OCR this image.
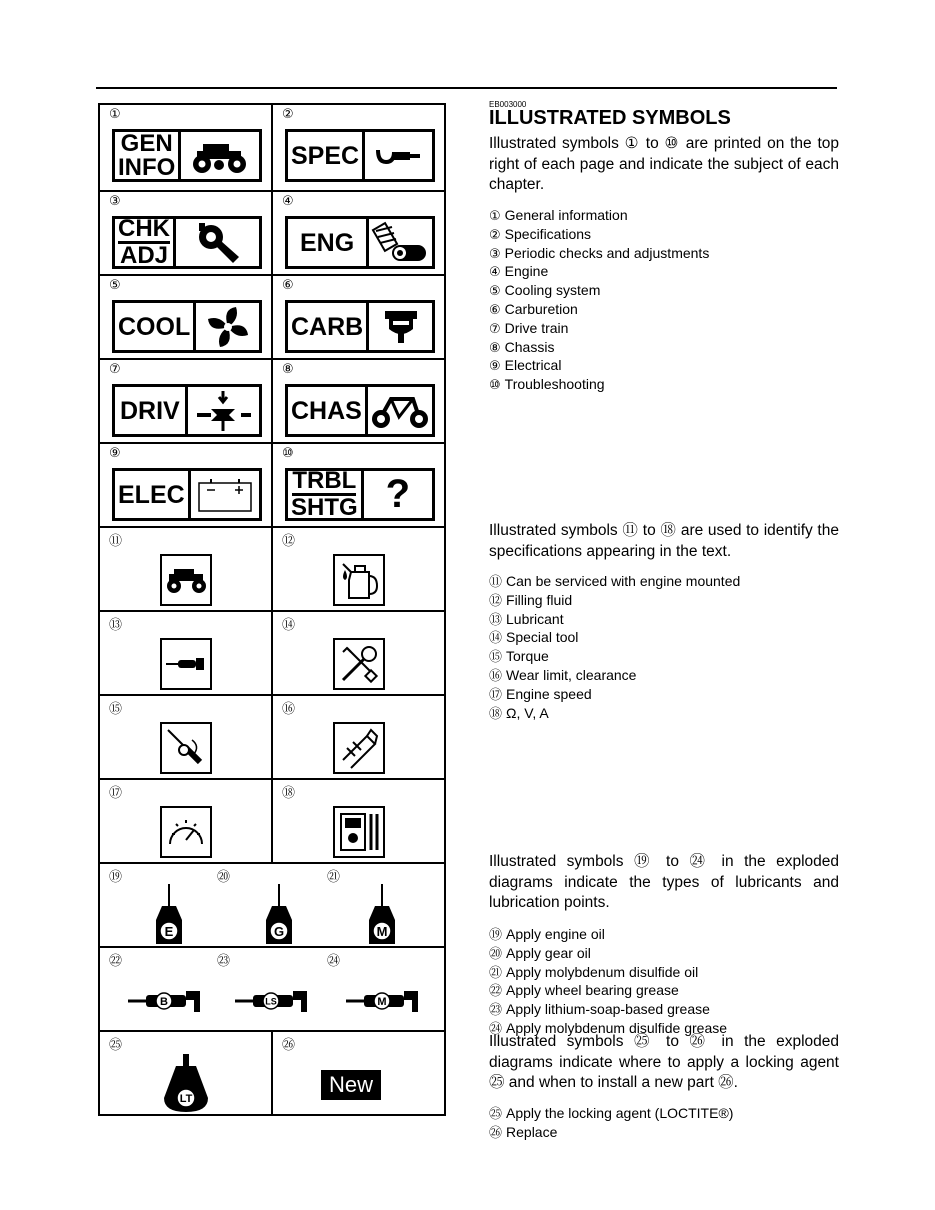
①
GEN
INFO
②
SPEC
③
CHK
ADJ
④
ENG
⑤
COOL
⑥
CARB
⑦
DRIV
⑧
CHAS
⑨
ELEC
⑩
TRBL
SHTG ?
⑪	⑫
⑬	⑭
⑮	⑯
⑰	⑱
⑲	⑳	㉑
E	G	M
㉒	㉓	㉔
B	LS	M
㉕
LT
㉖
New
EB003000
ILLUSTRATED SYMBOLS
Illustrated symbols ① to ⑩ are printed on the top right of each page and indicate the subject of each chapter.
① General information
② Specifications
③ Periodic checks and adjustments
④ Engine
⑤ Cooling system
⑥ Carburetion
⑦ Drive train
⑧ Chassis
⑨ Electrical
⑩ Troubleshooting
Illustrated symbols ⑪ to ⑱ are used to identify the specifications appearing in the text.
⑪ Can be serviced with engine mounted
⑫ Filling fluid
⑬ Lubricant
⑭ Special tool
⑮ Torque
⑯ Wear limit, clearance
⑰ Engine speed
⑱ Ω, V, A
Illustrated symbols ⑲ to ㉔ in the exploded diagrams indicate the types of lubricants and lubrication points.
⑲ Apply engine oil
⑳ Apply gear oil
㉑ Apply molybdenum disulfide oil
㉒ Apply wheel bearing grease
㉓ Apply lithium-soap-based grease
㉔ Apply molybdenum disulfide grease
Illustrated symbols ㉕ to ㉖ in the exploded diagrams indicate where to apply a locking agent ㉕ and when to install a new part ㉖.
㉕ Apply the locking agent (LOCTITE®)
㉖ Replace
